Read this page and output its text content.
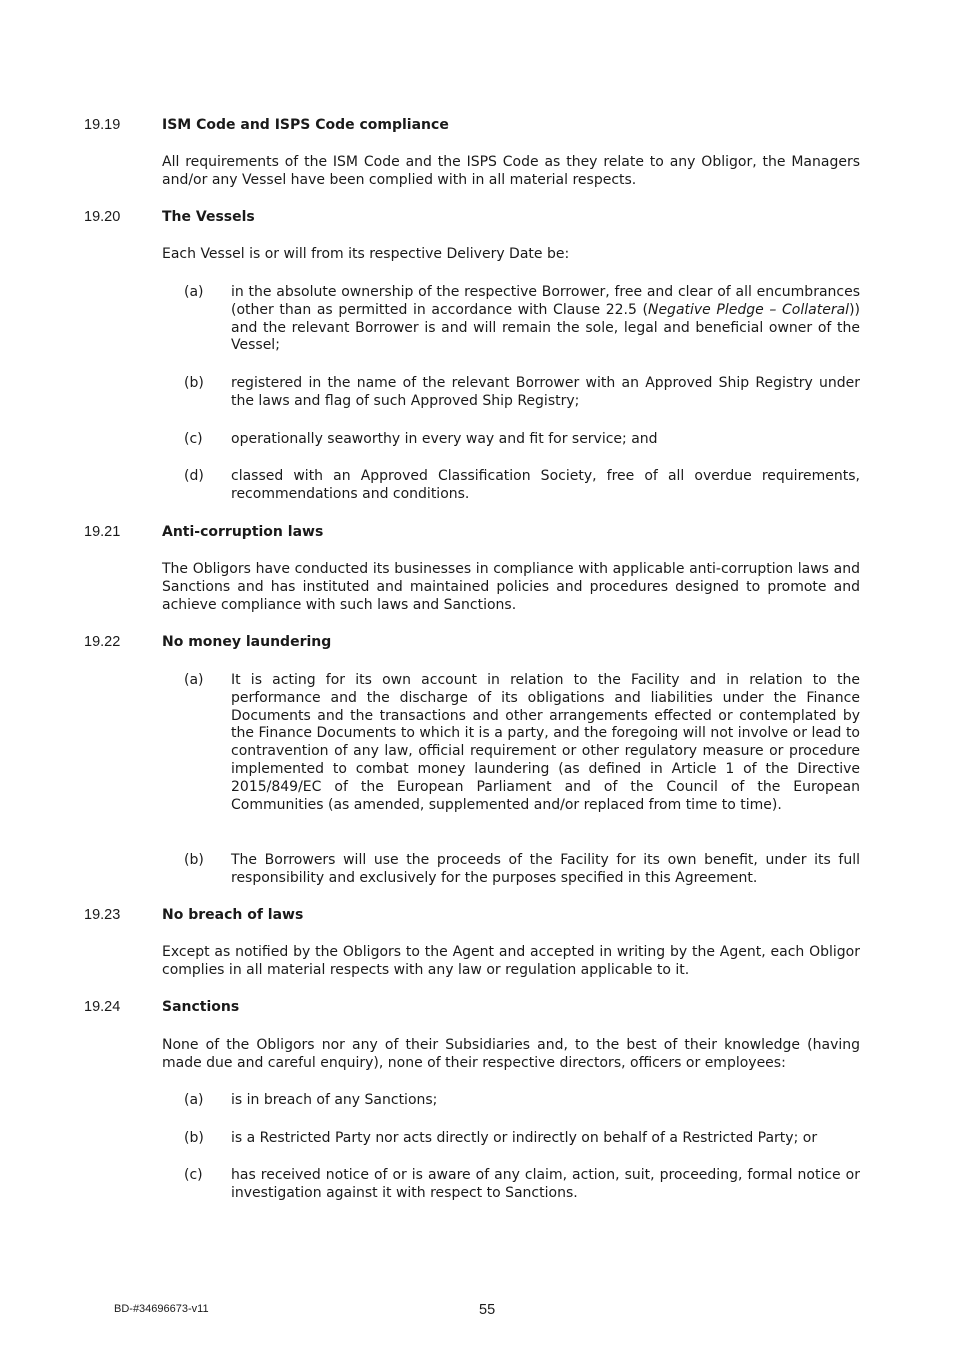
19.19	ISM Code and ISPS Code compliance
All requirements of the ISM Code and the ISPS Code as they relate to any Obligor, the Managers and/or any Vessel have been complied with in all material respects.
19.20	The Vessels
Each Vessel is or will from its respective Delivery Date be:
(a) in the absolute ownership of the respective Borrower, free and clear of all encumbrances (other than as permitted in accordance with Clause 22.5 (Negative Pledge – Collateral)) and the relevant Borrower is and will remain the sole, legal and beneficial owner of the Vessel;
(b) registered in the name of the relevant Borrower with an Approved Ship Registry under the laws and flag of such Approved Ship Registry;
(c) operationally seaworthy in every way and fit for service; and
(d) classed with an Approved Classification Society, free of all overdue requirements, recommendations and conditions.
19.21	Anti-corruption laws
The Obligors have conducted its businesses in compliance with applicable anti-corruption laws and Sanctions and has instituted and maintained policies and procedures designed to promote and achieve compliance with such laws and Sanctions.
19.22	No money laundering
(a) It is acting for its own account in relation to the Facility and in relation to the performance and the discharge of its obligations and liabilities under the Finance Documents and the transactions and other arrangements effected or contemplated by the Finance Documents to which it is a party, and the foregoing will not involve or lead to contravention of any law, official requirement or other regulatory measure or procedure implemented to combat money laundering (as defined in Article 1 of the Directive 2015/849/EC of the European Parliament and of the Council of the European Communities (as amended, supplemented and/or replaced from time to time).
(b) The Borrowers will use the proceeds of the Facility for its own benefit, under its full responsibility and exclusively for the purposes specified in this Agreement.
19.23	No breach of laws
Except as notified by the Obligors to the Agent and accepted in writing by the Agent, each Obligor complies in all material respects with any law or regulation applicable to it.
19.24	Sanctions
None of the Obligors nor any of their Subsidiaries and, to the best of their knowledge (having made due and careful enquiry), none of their respective directors, officers or employees:
(a) is in breach of any Sanctions;
(b) is a Restricted Party nor acts directly or indirectly on behalf of a Restricted Party; or
(c) has received notice of or is aware of any claim, action, suit, proceeding, formal notice or investigation against it with respect to Sanctions.
BD-#34696673-v11	55
